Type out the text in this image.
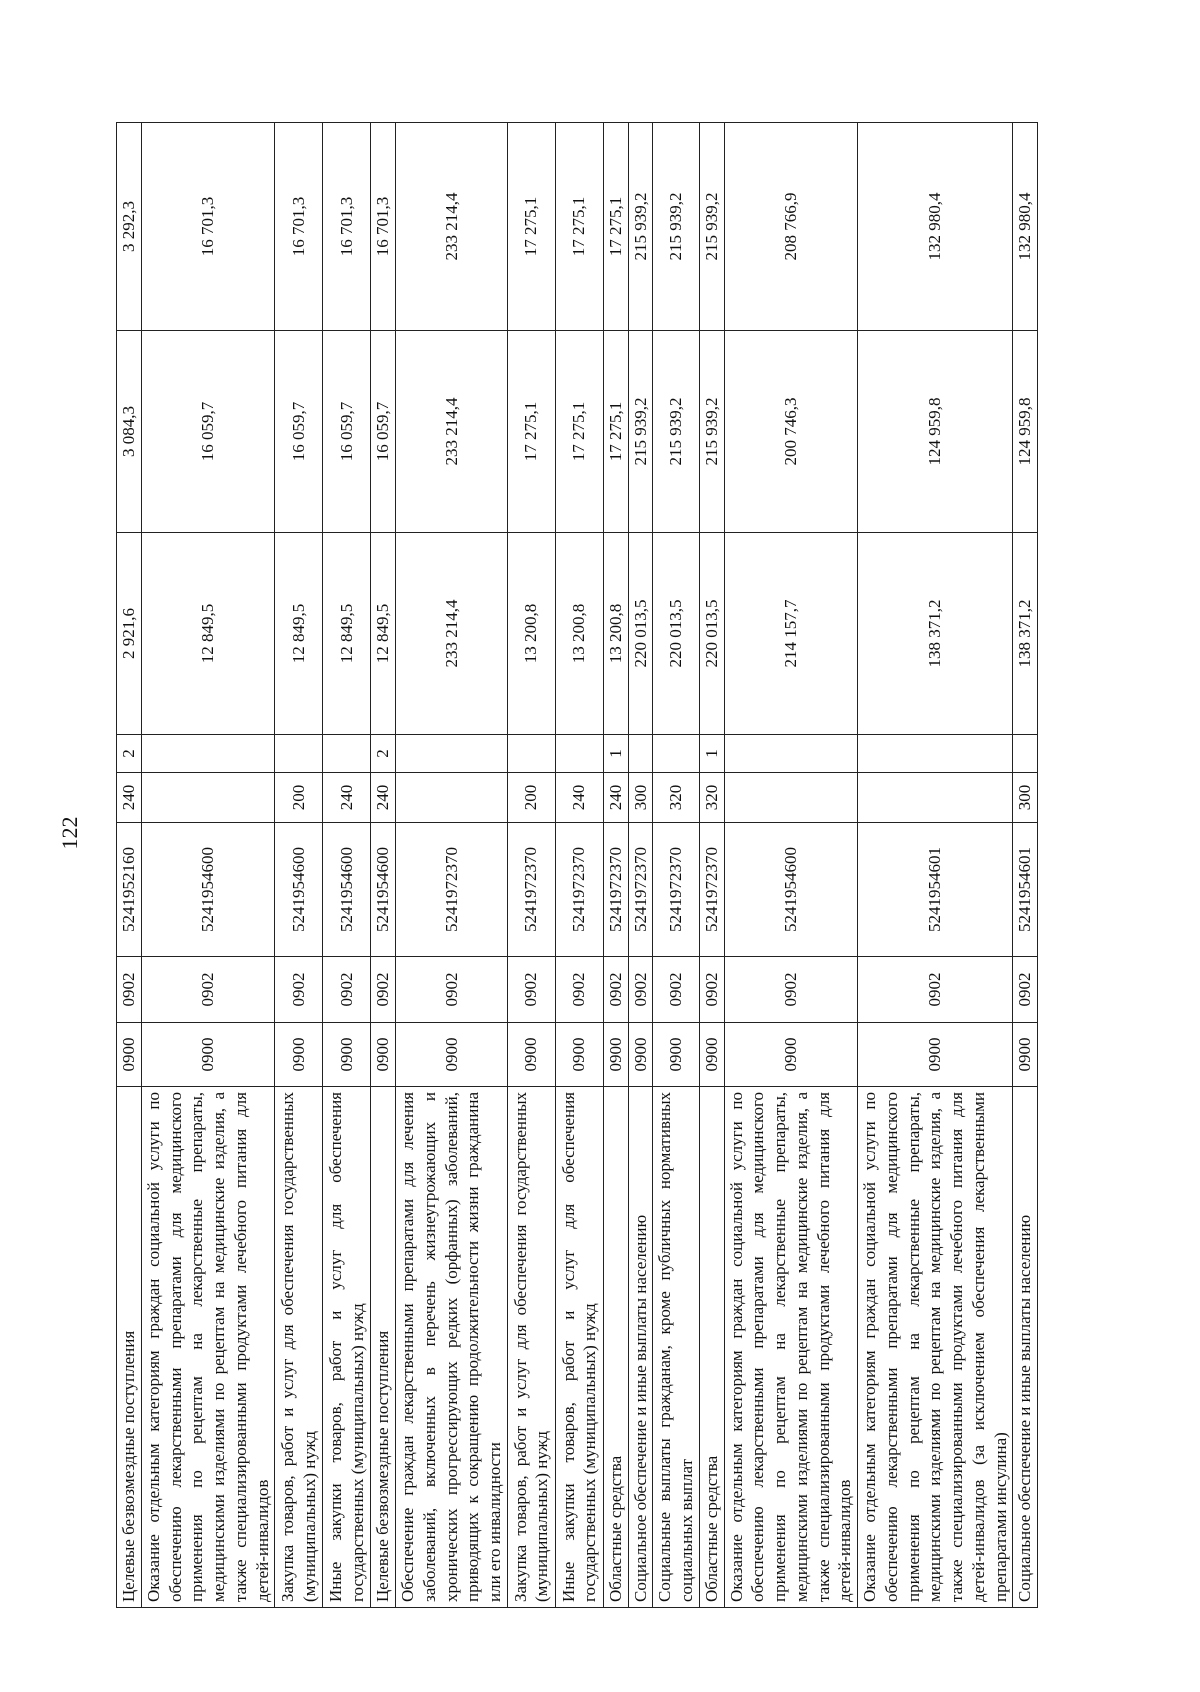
122
Целевые безвозмездные поступления	0900	0902	5241952160	240	2	2 921,6	3 084,3	3 292,3
Оказание отдельным категориям граждан социальной услуги по обеспечению лекарственными препаратами для медицинского применения по рецептам на лекарственные препараты, медицинскими изделиями по рецептам на медицинские изделия, а также специализированными продуктами лечебного питания для детей-инвалидов	0900	0902	5241954600			12 849,5	16 059,7	16 701,3
Закупка товаров, работ и услуг для обеспечения государственных (муниципальных) нужд	0900	0902	5241954600	200		12 849,5	16 059,7	16 701,3
Иные закупки товаров, работ и услуг для обеспечения государственных (муниципальных) нужд	0900	0902	5241954600	240		12 849,5	16 059,7	16 701,3
Целевые безвозмездные поступления	0900	0902	5241954600	240	2	12 849,5	16 059,7	16 701,3
Обеспечение граждан лекарственными препаратами для лечения заболеваний, включенных в перечень жизнеугрожающих и хронических прогрессирующих редких (орфанных) заболеваний, приводящих к сокращению продолжительности жизни гражданина или его инвалидности	0900	0902	5241972370			233 214,4	233 214,4	233 214,4
Закупка товаров, работ и услуг для обеспечения государственных (муниципальных) нужд	0900	0902	5241972370	200		13 200,8	17 275,1	17 275,1
Иные закупки товаров, работ и услуг для обеспечения государственных (муниципальных) нужд	0900	0902	5241972370	240		13 200,8	17 275,1	17 275,1
Областные средства	0900	0902	5241972370	240	1	13 200,8	17 275,1	17 275,1
Социальное обеспечение и иные выплаты населению	0900	0902	5241972370	300		220 013,5	215 939,2	215 939,2
Социальные выплаты гражданам, кроме публичных нормативных социальных выплат	0900	0902	5241972370	320		220 013,5	215 939,2	215 939,2
Областные средства	0900	0902	5241972370	320	1	220 013,5	215 939,2	215 939,2
Оказание отдельным категориям граждан социальной услуги по обеспечению лекарственными препаратами для медицинского применения по рецептам на лекарственные препараты, медицинскими изделиями по рецептам на медицинские изделия, а также специализированными продуктами лечебного питания для детей-инвалидов	0900	0902	5241954600			214 157,7	200 746,3	208 766,9
Оказание отдельным категориям граждан социальной услуги по обеспечению лекарственными препаратами для медицинского применения по рецептам на лекарственные препараты, медицинскими изделиями по рецептам на медицинские изделия, а также специализированными продуктами лечебного питания для детей-инвалидов (за исключением обеспечения лекарственными препаратами инсулина)	0900	0902	5241954601			138 371,2	124 959,8	132 980,4
Социальное обеспечение и иные выплаты населению	0900	0902	5241954601	300		138 371,2	124 959,8	132 980,4
